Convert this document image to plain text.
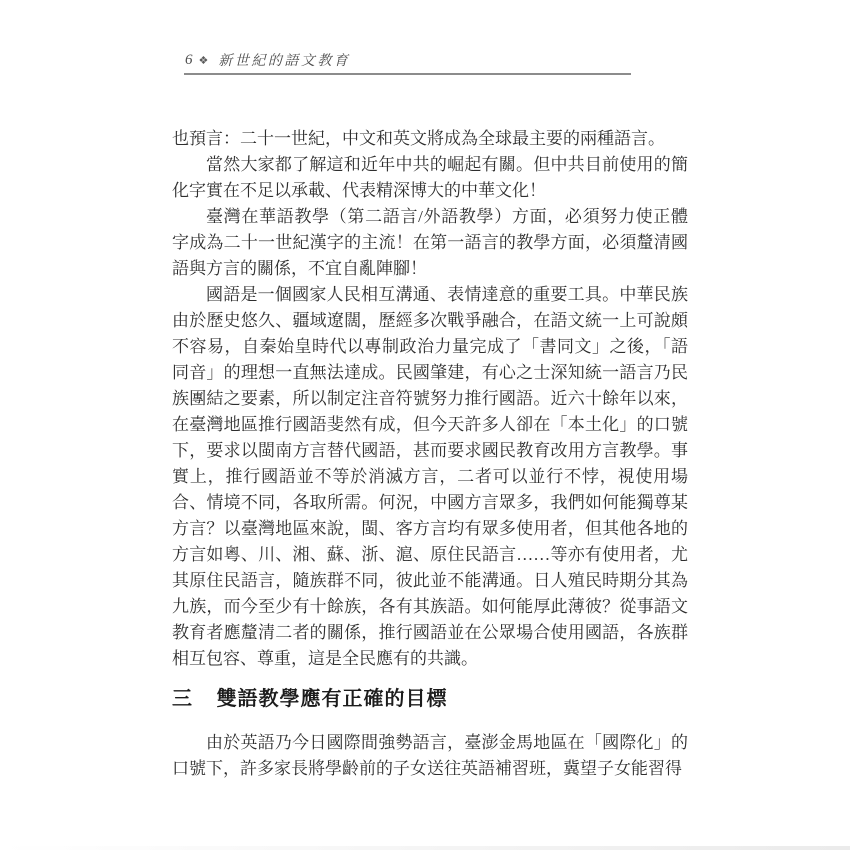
6 ❖ 新世紀的語文教育
也預言：二十一世紀，中文和英文將成為全球最主要的兩種語言。
當然大家都了解這和近年中共的崛起有關。但中共目前使用的簡
化字實在不足以承載、代表精深博大的中華文化！
臺灣在華語教學（第二語言/外語教學）方面，必須努力使正體
字成為二十一世紀漢字的主流！在第一語言的教學方面，必須釐清國
語與方言的關係，不宜自亂陣腳！
國語是一個國家人民相互溝通、表情達意的重要工具。中華民族
由於歷史悠久、疆域遼闊，歷經多次戰爭融合，在語文統一上可說頗
不容易，自秦始皇時代以專制政治力量完成了「書同文」之後，「語
同音」的理想一直無法達成。民國肇建，有心之士深知統一語言乃民
族團結之要素，所以制定注音符號努力推行國語。近六十餘年以來，
在臺灣地區推行國語斐然有成，但今天許多人卻在「本土化」的口號
下，要求以閩南方言替代國語，甚而要求國民教育改用方言教學。事
實上，推行國語並不等於消滅方言，二者可以並行不悖，視使用場
合、情境不同，各取所需。何況，中國方言眾多，我們如何能獨尊某
方言？以臺灣地區來說，閩、客方言均有眾多使用者，但其他各地的
方言如粵、川、湘、蘇、浙、滬、原住民語言……等亦有使用者，尤
其原住民語言，隨族群不同，彼此並不能溝通。日人殖民時期分其為
九族，而今至少有十餘族，各有其族語。如何能厚此薄彼？從事語文
教育者應釐清二者的關係，推行國語並在公眾場合使用國語，各族群
相互包容、尊重，這是全民應有的共識。
三 雙語教學應有正確的目標
由於英語乃今日國際間強勢語言，臺澎金馬地區在「國際化」的
口號下，許多家長將學齡前的子女送往英語補習班，冀望子女能習得
